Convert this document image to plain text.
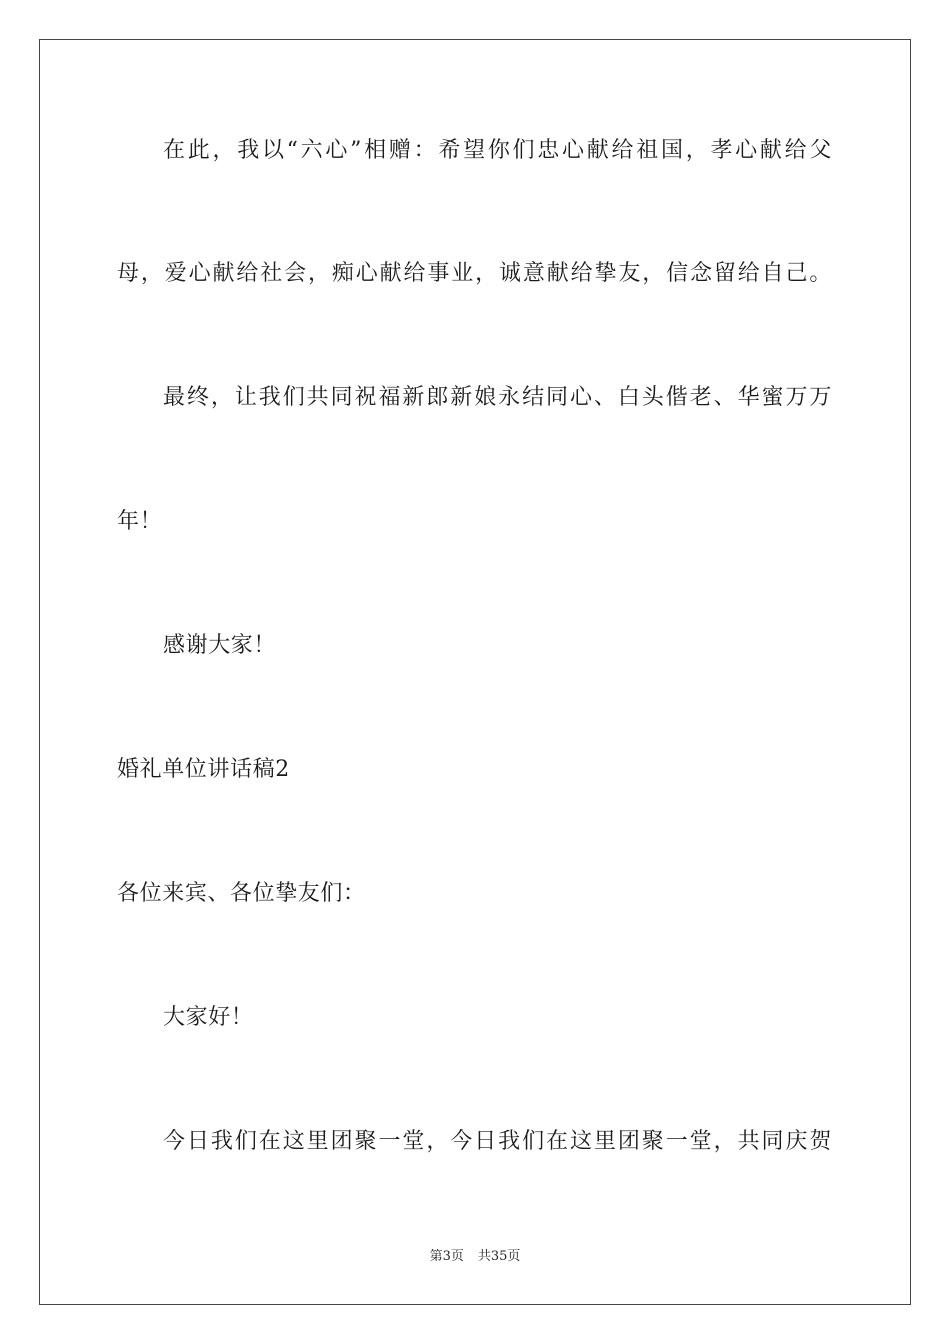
在此，我以“六心”相赠：希望你们忠心献给祖国，孝心献给父
母，爱心献给社会，痴心献给事业，诚意献给挚友，信念留给自己。
最终，让我们共同祝福新郎新娘永结同心、白头偕老、华蜜万万
年！
感谢大家！
婚礼单位讲话稿2
各位来宾、各位挚友们：
大家好！
今日我们在这里团聚一堂，今日我们在这里团聚一堂，共同庆贺
第3页 共35页
